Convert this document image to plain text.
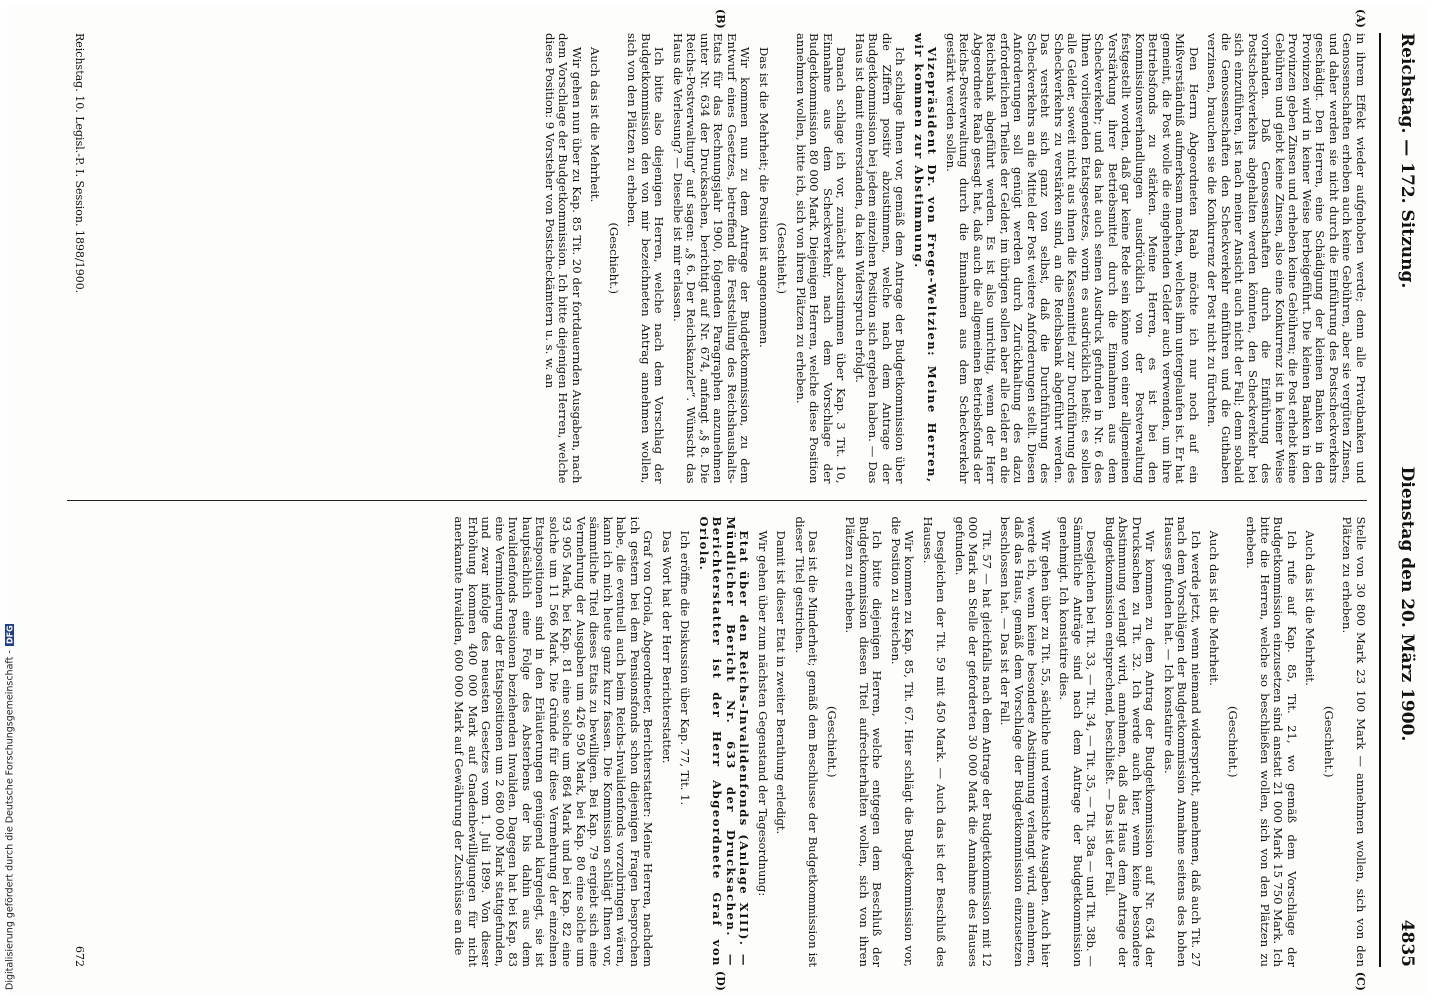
Reichstag. — 172. Sitzung.
Dienstag den 20. März 1900.
4835
(A)
(B)

in ihrem Effekt wieder aufgehoben werde; denn alle Privatbanken und Genossenschaften erheben auch keine Gebühren, aber sie vergüten Zinsen, und daher werden sie nicht durch die Einführung des Postscheckverkehrs geschädigt. Den Herren, eine Schädigung der kleinen Banken in den Provinzen wird in keiner Weise herbeigeführt. Die kleinen Banken in den Provinzen geben Zinsen und erheben keine Gebühren; die Post erhebt keine Gebühren und giebt keine Zinsen, also eine Konkurrenz ist in keiner Weise vorhanden. Daß Genossenschaften durch die Einführung des Postscheckverkehrs abgehalten werden könnten, den Scheckverkehr bei sich einzuführen, ist nach meiner Ansicht auch nicht der Fall; denn sobald die Genossenschaften den Scheckverkehr einführen und die Guthaben verzinsen, brauchen sie die Konkurrenz der Post nicht zu fürchten.

Den Herrn Abgeordneten Raab möchte ich nur noch auf ein Mißverständniß aufmerksam machen, welches ihm untergelaufen ist. Er hat gemeint, die Post wolle die eingehenden Gelder auch verwenden, um ihre Betriebsfonds zu stärken. Meine Herren, es ist bei den Kommissionsverhandlungen ausdrücklich von der Postverwaltung festgestellt worden, daß gar keine Rede sein könne von einer allgemeinen Verstärkung ihrer Betriebsmittel durch die Einnahmen aus dem Scheckverkehr; und das hat auch seinen Ausdruck gefunden in Nr. 6 des Ihnen vorliegenden Etatsgesetzes, worin es ausdrücklich heißt: es sollen alle Gelder, soweit nicht aus ihnen die Kassenmittel zur Durchführung des Scheckverkehrs zu verstärken sind, an die Reichsbank abgeführt werden. Das versteht sich ganz von selbst, daß die Durchführung des Scheckverkehrs an die Mittel der Post weitere Anforderungen stellt. Diesen Anforderungen soll genügt werden durch Zurückhaltung des dazu erforderlichen Theiles der Gelder, im übrigen sollen aber alle Gelder an die Reichsbank abgeführt werden. Es ist also unrichtig, wenn der Herr Abgeordnete Raab gesagt hat, daß auch die allgemeinen Betriebsfonds der Reichs-Postverwaltung durch die Einnahmen aus dem Scheckverkehr gestärkt werden sollen.

Vizepräsident Dr. von Frege-Weltzien: Meine Herren, wir kommen zur Abstimmung.

Ich schlage Ihnen vor, gemäß dem Antrage der Budgetkommission über die Ziffern positiv abzustimmen, welche nach dem Antrage der Budgetkommission bei jedem einzelnen Position sich ergeben haben. — Das Haus ist damit einverstanden, da kein Widerspruch erfolgt.

Danach schlage ich vor, zunächst abzustimmen über Kap. 3 Tit. 10, Einnahme aus dem Scheckverkehr, nach dem Vorschlage der Budgetkommission 80 000 Mark. Diejenigen Herren, welche diese Position annehmen wollen, bitte ich, sich von ihren Plätzen zu erheben.

(Geschieht.)

Das ist die Mehrheit; die Position ist angenommen.

Wir kommen nun zu dem Antrage der Budgetkommission, zu dem Entwurf eines Gesetzes, betreffend die Feststellung des Reichshaushalts-Etats für das Rechnungsjahr 1900, folgenden Paragraphen anzunehmen unter Nr. 634 der Drucksachen, berichtigt auf Nr. 674, anfangt „§ 8. Die Reichs-Postverwaltung“ auf sagen: „§ 6. Der Reichskanzler“. Wünscht das Haus die Verlesung? — Dieselbe ist mir erlassen.

Ich bitte also diejenigen Herren, welche nach dem Vorschlag der Budgetkommission den von mir bezeichneten Antrag annehmen wollen, sich von den Plätzen zu erheben.

(Geschieht.)

Auch das ist die Mehrheit.

Wir gehen nun über zu Kap. 85 Tit. 20 der fortdauernden Ausgaben, nach dem Vorschlage der Budgetkommission. Ich bitte diejenigen Herren, welche diese Position: 9 Vorsteher von Postscheckämtern u. s. w. an

Reichstag. 10. Legisl.-P. I. Session. 1898/1900.
(C)
(D)

Stelle von 30 800 Mark 23 100 Mark — annehmen wollen, sich von den Plätzen zu erheben.

(Geschieht.)

Auch das ist die Mehrheit.

Ich rufe auf Kap. 85, Tit. 21, wo gemäß dem Vorschlage der Budgetkommission einzusetzen sind anstatt 21 000 Mark 15 750 Mark. Ich bitte die Herren, welche so beschließen wollen, sich von den Plätzen zu erheben.

(Geschieht.)

Auch das ist die Mehrheit.

Ich werde jetzt, wenn niemand widerspricht, annehmen, daß auch Tit. 27 nach dem Vorschlägen der Budgetkommission Annahme seitens des hohen Hauses gefunden hat. — Ich konstatire das.

Wir kommen zu dem Antrag der Budgetkommission auf Nr. 634 der Drucksachen zu Tit. 32. Ich werde auch hier, wenn keine besondere Abstimmung verlangt wird, annehmen, daß das Haus dem Antrage der Budgetkommission entsprechend, beschließt. — Das ist der Fall.

Desgleichen bei Tit. 33, — Tit. 34, — Tit. 35, — Tit. 38a — und Tit. 38b. — Sämmtliche Anträge sind nach dem Antrage der Budgetkommission genehmigt. Ich konstatire dies.

Wir gehen über zu Tit. 55, sächliche und vermischte Ausgaben. Auch hier werde ich, wenn keine besondere Abstimmung verlangt wird, annehmen, daß das Haus, gemäß dem Vorschlage der Budgetkommission einzusetzen beschlossen hat. — Das ist der Fall.

Tit. 57 — hat gleichfalls nach dem Antrage der Budgetkommission mit 12 000 Mark an Stelle der geforderten 30 000 Mark die Annahme des Hauses gefunden.

Desgleichen der Tit. 59 mit 450 Mark. — Auch das ist der Beschluß des Hauses.

Wir kommen zu Kap. 85, Tit. 67. Hier schlägt die Budgetkommission vor, die Position zu streichen.

Ich bitte diejenigen Herren, welche entgegen dem Beschluß der Budgetkommission diesen Titel aufrechterhalten wollen, sich von ihren Plätzen zu erheben.

(Geschieht.)

Das ist die Minderheit; gemäß dem Beschlusse der Budgetkommission ist dieser Titel gestrichen.

Damit ist dieser Etat in zweiter Berathung erledigt.

Wir gehen über zum nächsten Gegenstand der Tagesordnung:

Etat über den Reichs-Invalidenfonds (Anlage XIII). — Mündlicher Bericht Nr. 633 der Drucksachen. — Berichterstatter ist der Herr Abgeordnete Graf von Oriola.

Ich eröffne die Diskussion über Kap. 77, Tit. 1.

Das Wort hat der Herr Berichterstatter.

Graf von Oriola, Abgeordneter, Berichterstatter: Meine Herren, nachdem ich gestern bei dem Pensionsfonds schon diejenigen Fragen besprochen habe, die eventuell auch beim Reichs-Invalidenfonds vorzubringen wären, kann ich mich heute ganz kurz fassen. Die Kommission schlägt Ihnen vor, sämmtliche Titel dieses Etats zu bewilligen. Bei Kap. 79 ergiebt sich eine Vermehrung der Ausgaben um 426 950 Mark, bei Kap. 80 eine solche um 93 905 Mark, bei Kap. 81 eine solche um 864 Mark und bei Kap. 82 eine solche um 11 566 Mark. Die Gründe für diese Vermehrung der einzelnen Etatspositionen sind in den Erläuterungen genügend klargelegt, sie ist hauptsächlich eine Folge des Absterbens der bis dahin aus dem Invalidenfonds Pensionen beziehenden Invaliden. Dagegen hat bei Kap. 83 eine Verminderung der Etatspositionen um 2 680 000 Mark stattgefunden, und zwar infolge des neuesten Gesetzes vom 1. Juli 1899. Von dieser Erhöhung kommen 400 000 Mark auf Gnadenbewilligungen für nicht anerkannte Invaliden, 600 000 Mark auf Gewährung der Zuschüsse an die

672
Digitalisierung gefördert durch die Deutsche Forschungsgemeinschaft -
DFG
